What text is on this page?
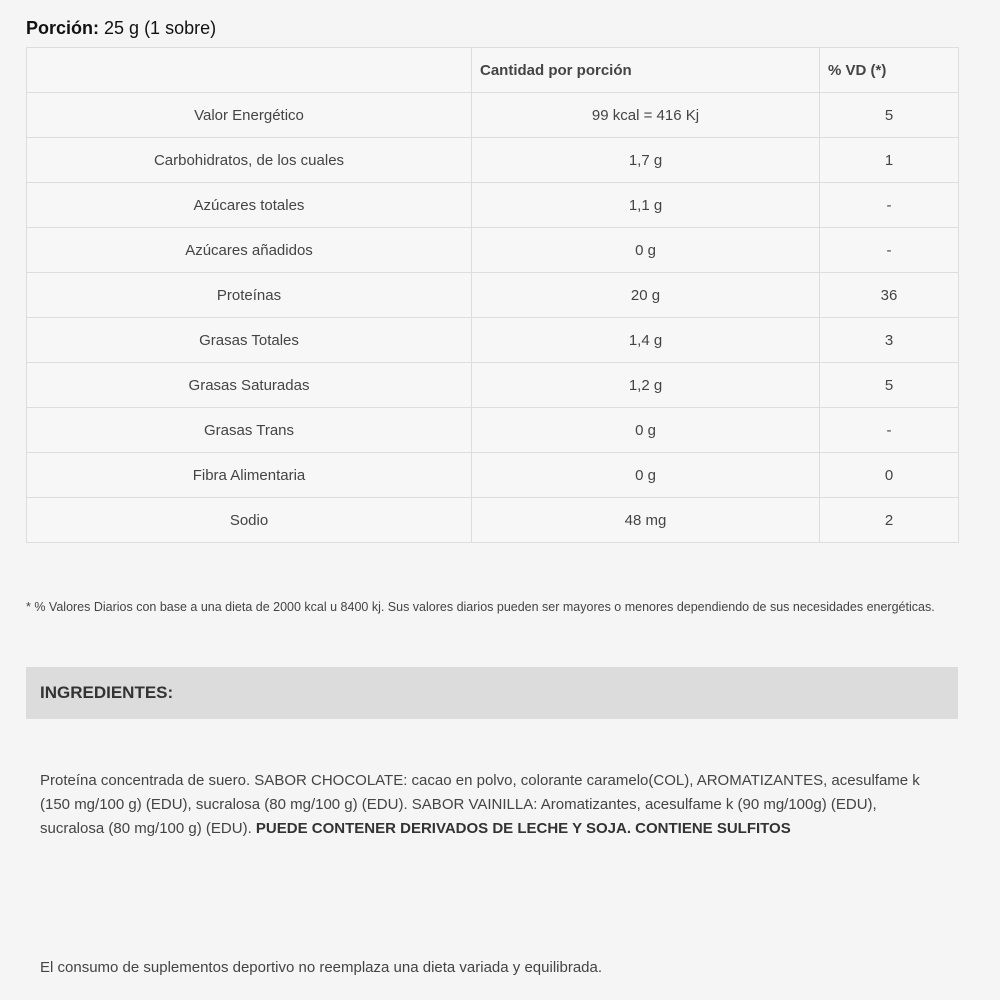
Porción: 25 g (1 sobre)
	Cantidad por porción	% VD (*)
Valor Energético	99 kcal = 416 Kj	5
Carbohidratos, de los cuales	1,7 g	1
Azúcares totales	1,1 g	-
Azúcares añadidos	0 g	-
Proteínas	20 g	36
Grasas Totales	1,4 g	3
Grasas Saturadas	1,2 g	5
Grasas Trans	0 g	-
Fibra Alimentaria	0 g	0
Sodio	48 mg	2
* % Valores Diarios con base a una dieta de 2000 kcal u 8400 kj. Sus valores diarios pueden ser mayores o menores dependiendo de sus necesidades energéticas.
INGREDIENTES:
Proteína concentrada de suero. SABOR CHOCOLATE: cacao en polvo, colorante caramelo(COL), AROMATIZANTES, acesulfame k (150 mg/100 g) (EDU), sucralosa (80 mg/100 g) (EDU). SABOR VAINILLA: Aromatizantes, acesulfame k (90 mg/100g) (EDU), sucralosa (80 mg/100 g) (EDU). PUEDE CONTENER DERIVADOS DE LECHE Y SOJA. CONTIENE SULFITOS
El consumo de suplementos deportivo no reemplaza una dieta variada y equilibrada.
